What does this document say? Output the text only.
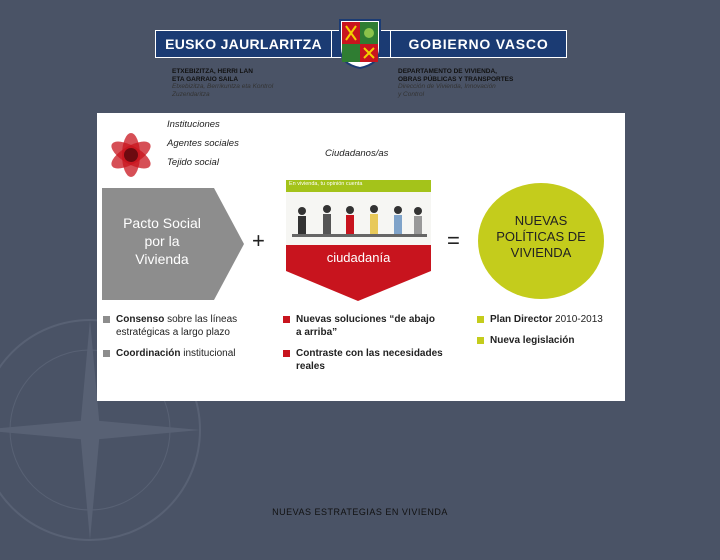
EUSKO JAURLARITZA	GOBIERNO VASCO
ETXEBIZITZA, HERRI LAN
ETA GARRAIO SAILA
Etxebizitza, Berrikuntza eta Kontrol
Zuzendaritza
DEPARTAMENTO DE VIVIENDA,
OBRAS PÚBLICAS Y TRANSPORTES
Dirección de Vivienda, Innovación
y Control
Instituciones
Agentes sociales
Tejido social
Ciudadanos/as
Pacto Social
por la
Vivienda
+
En vivienda, tu opinión cuenta
ciudadanía
=
NUEVAS
POLÍTICAS DE
VIVIENDA
Consenso sobre las líneas estratégicas a largo plazo
Coordinación institucional
Nuevas soluciones “de abajo a arriba”
Contraste con las necesidades reales
Plan Director 2010-2013
Nueva legislación
NUEVAS ESTRATEGIAS EN VIVIENDA
